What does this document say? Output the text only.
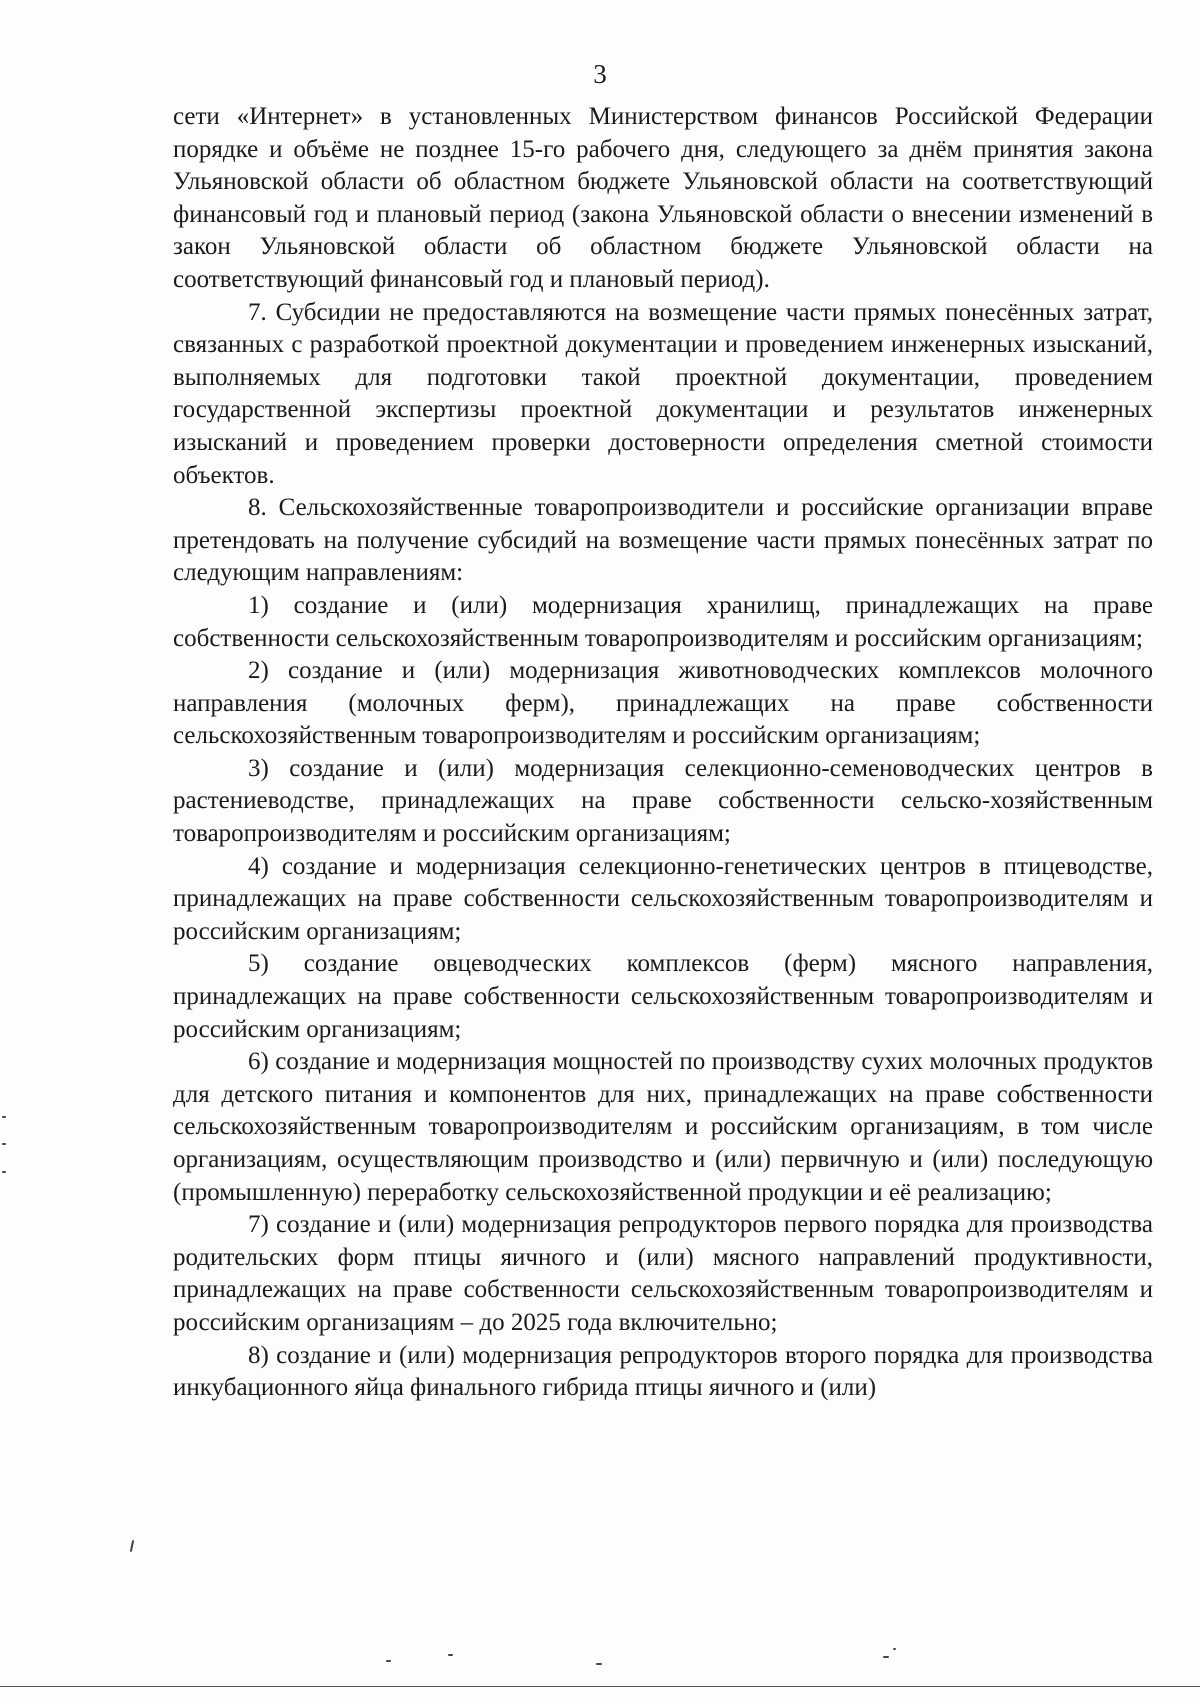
3

сети «Интернет» в установленных Министерством финансов Российской Федерации порядке и объёме не позднее 15-го рабочего дня, следующего за днём принятия закона Ульяновской области об областном бюджете Ульяновской области на соответствующий финансовый год и плановый период (закона Ульяновской области о внесении изменений в закон Ульяновской области об областном бюджете Ульяновской области на соответствующий финансовый год и плановый период).

7. Субсидии не предоставляются на возмещение части прямых понесённых затрат, связанных с разработкой проектной документации и проведением инженерных изысканий, выполняемых для подготовки такой проектной документации, проведением государственной экспертизы проектной документации и результатов инженерных изысканий и проведением проверки достоверности определения сметной стоимости объектов.

8. Сельскохозяйственные товаропроизводители и российские организации вправе претендовать на получение субсидий на возмещение части прямых понесённых затрат по следующим направлениям:

1) создание и (или) модернизация хранилищ, принадлежащих на праве собственности сельскохозяйственным товаропроизводителям и российским организациям;

2) создание и (или) модернизация животноводческих комплексов молочного направления (молочных ферм), принадлежащих на праве собственности сельскохозяйственным товаропроизводителям и российским организациям;

3) создание и (или) модернизация селекционно-семеноводческих центров в растениеводстве, принадлежащих на праве собственности сельско-хозяйственным товаропроизводителям и российским организациям;

4) создание и модернизация селекционно-генетических центров в птицеводстве, принадлежащих на праве собственности сельскохозяйственным товаропроизводителям и российским организациям;

5) создание овцеводческих комплексов (ферм) мясного направления, принадлежащих на праве собственности сельскохозяйственным товаропроизводителям и российским организациям;

6) создание и модернизация мощностей по производству сухих молочных продуктов для детского питания и компонентов для них, принадлежащих на праве собственности сельскохозяйственным товаропроизводителям и российским организациям, в том числе организациям, осуществляющим производство и (или) первичную и (или) последующую (промышленную) переработку сельскохозяйственной продукции и её реализацию;

7) создание и (или) модернизация репродукторов первого порядка для производства родительских форм птицы яичного и (или) мясного направлений продуктивности, принадлежащих на праве собственности сельскохозяйственным товаропроизводителям и российским организациям – до 2025 года включительно;

8) создание и (или) модернизация репродукторов второго порядка для производства инкубационного яйца финального гибрида птицы яичного и (или)
